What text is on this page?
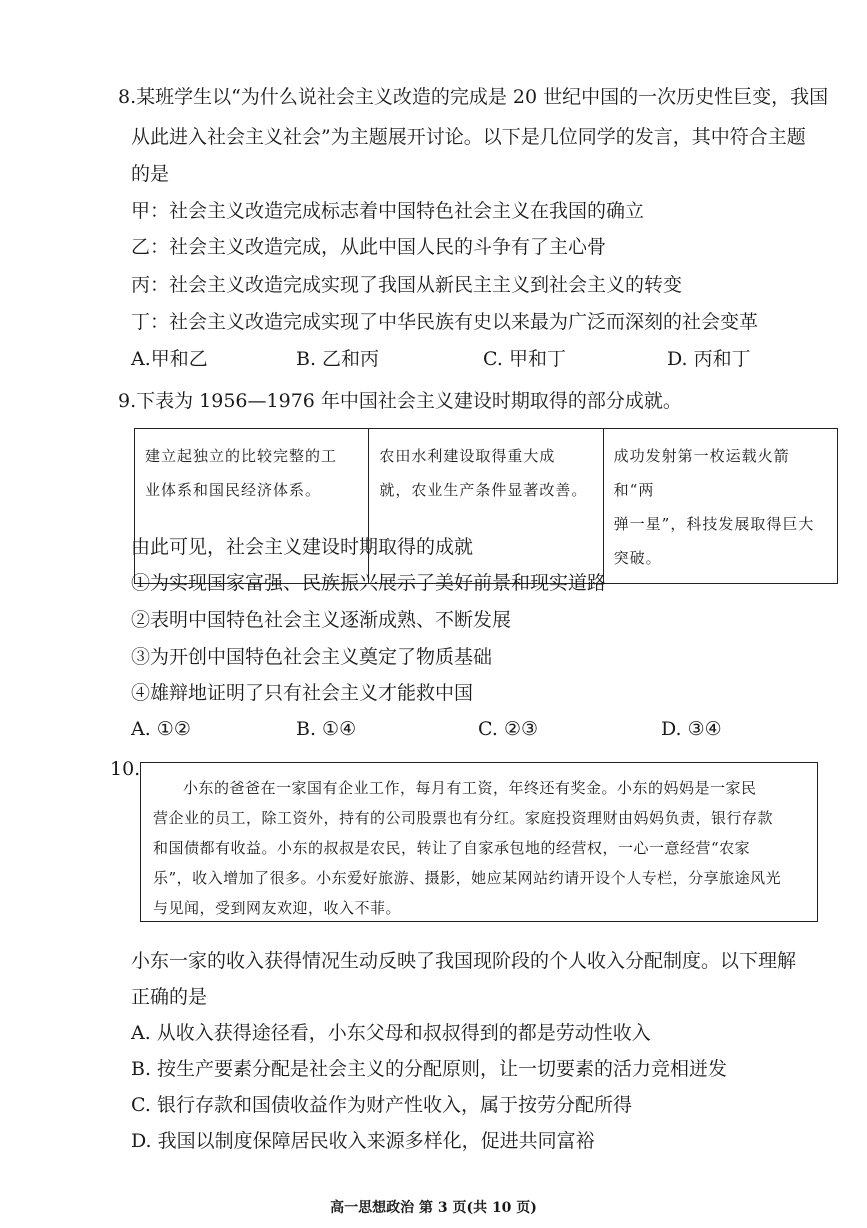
8.某班学生以“为什么说社会主义改造的完成是 20 世纪中国的一次历史性巨变，我国
从此进入社会主义社会”为主题展开讨论。以下是几位同学的发言，其中符合主题
的是
甲：社会主义改造完成标志着中国特色社会主义在我国的确立
乙：社会主义改造完成，从此中国人民的斗争有了主心骨
丙：社会主义改造完成实现了我国从新民主主义到社会主义的转变
丁：社会主义改造完成实现了中华民族有史以来最为广泛而深刻的社会变革
A.甲和乙	B. 乙和丙	C. 甲和丁	D. 丙和丁
9.下表为 1956—1976 年中国社会主义建设时期取得的部分成就。
建立起独立的比较完整的工
业体系和国民经济体系。

农田水利建设取得重大成
就，农业生产条件显著改善。

成功发射第一枚运载火箭和“两
弹一星”，科技发展取得巨大突破。
由此可见，社会主义建设时期取得的成就
①为实现国家富强、民族振兴展示了美好前景和现实道路
②表明中国特色社会主义逐渐成熟、不断发展
③为开创中国特色社会主义奠定了物质基础
④雄辩地证明了只有社会主义才能救中国
A. ①②	B. ①④	C. ②③	D. ③④
10.

小东的爸爸在一家国有企业工作，每月有工资，年终还有奖金。小东的妈妈是一家民

营企业的员工，除工资外，持有的公司股票也有分红。家庭投资理财由妈妈负责，银行存款

和国债都有收益。小东的叔叔是农民，转让了自家承包地的经营权，一心一意经营“农家

乐”，收入增加了很多。小东爱好旅游、摄影，她应某网站约请开设个人专栏，分享旅途风光

与见闻，受到网友欢迎，收入不菲。

小东一家的收入获得情况生动反映了我国现阶段的个人收入分配制度。以下理解
正确的是
A. 从收入获得途径看，小东父母和叔叔得到的都是劳动性收入
B. 按生产要素分配是社会主义的分配原则，让一切要素的活力竞相迸发
C. 银行存款和国债收益作为财产性收入，属于按劳分配所得
D. 我国以制度保障居民收入来源多样化，促进共同富裕
高一思想政治 第 3 页(共 10 页)
